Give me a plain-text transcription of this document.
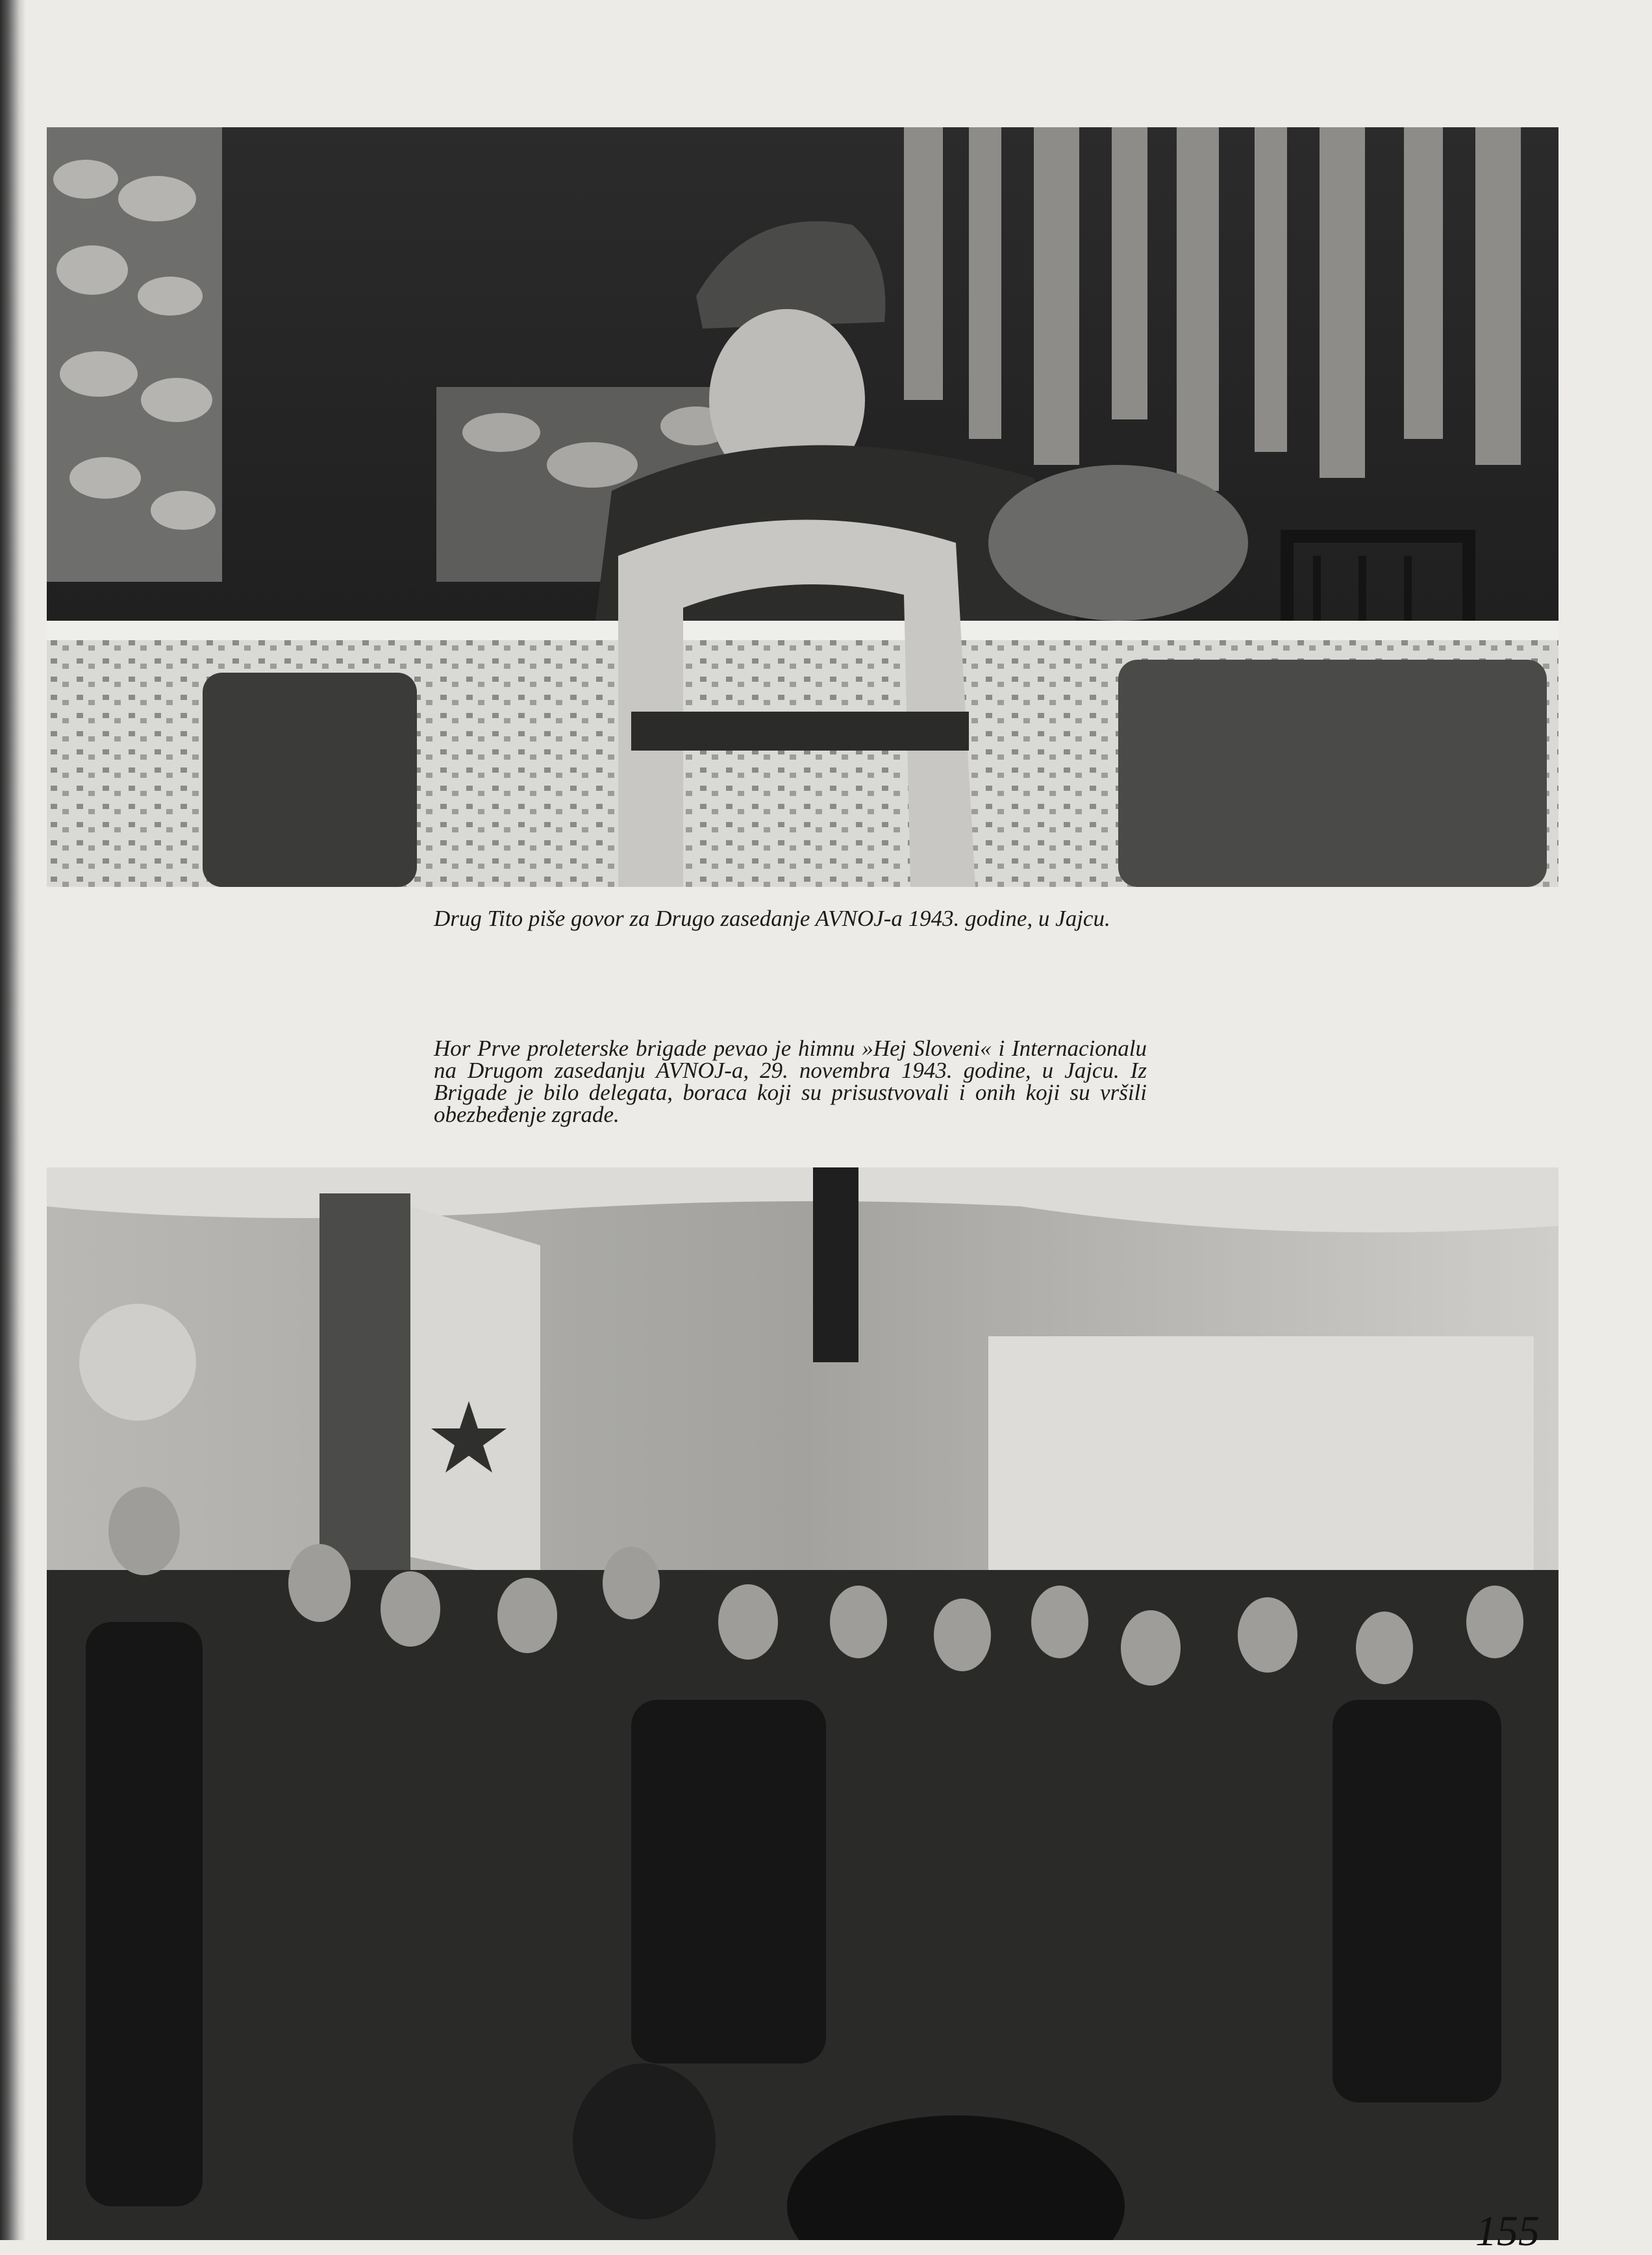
Drug Tito piše govor za Drugo zasedanje AVNOJ-a 1943. godine, u Jajcu.

Hor Prve proleterske brigade pevao je himnu »Hej Sloveni« i Internacionalu na Drugom zasedanju AVNOJ-a, 29. novembra 1943. godine, u Jajcu. Iz Brigade je bilo delegata, boraca koji su prisustvovali i onih koji su vršili obezbeđenje zgrade.

155
